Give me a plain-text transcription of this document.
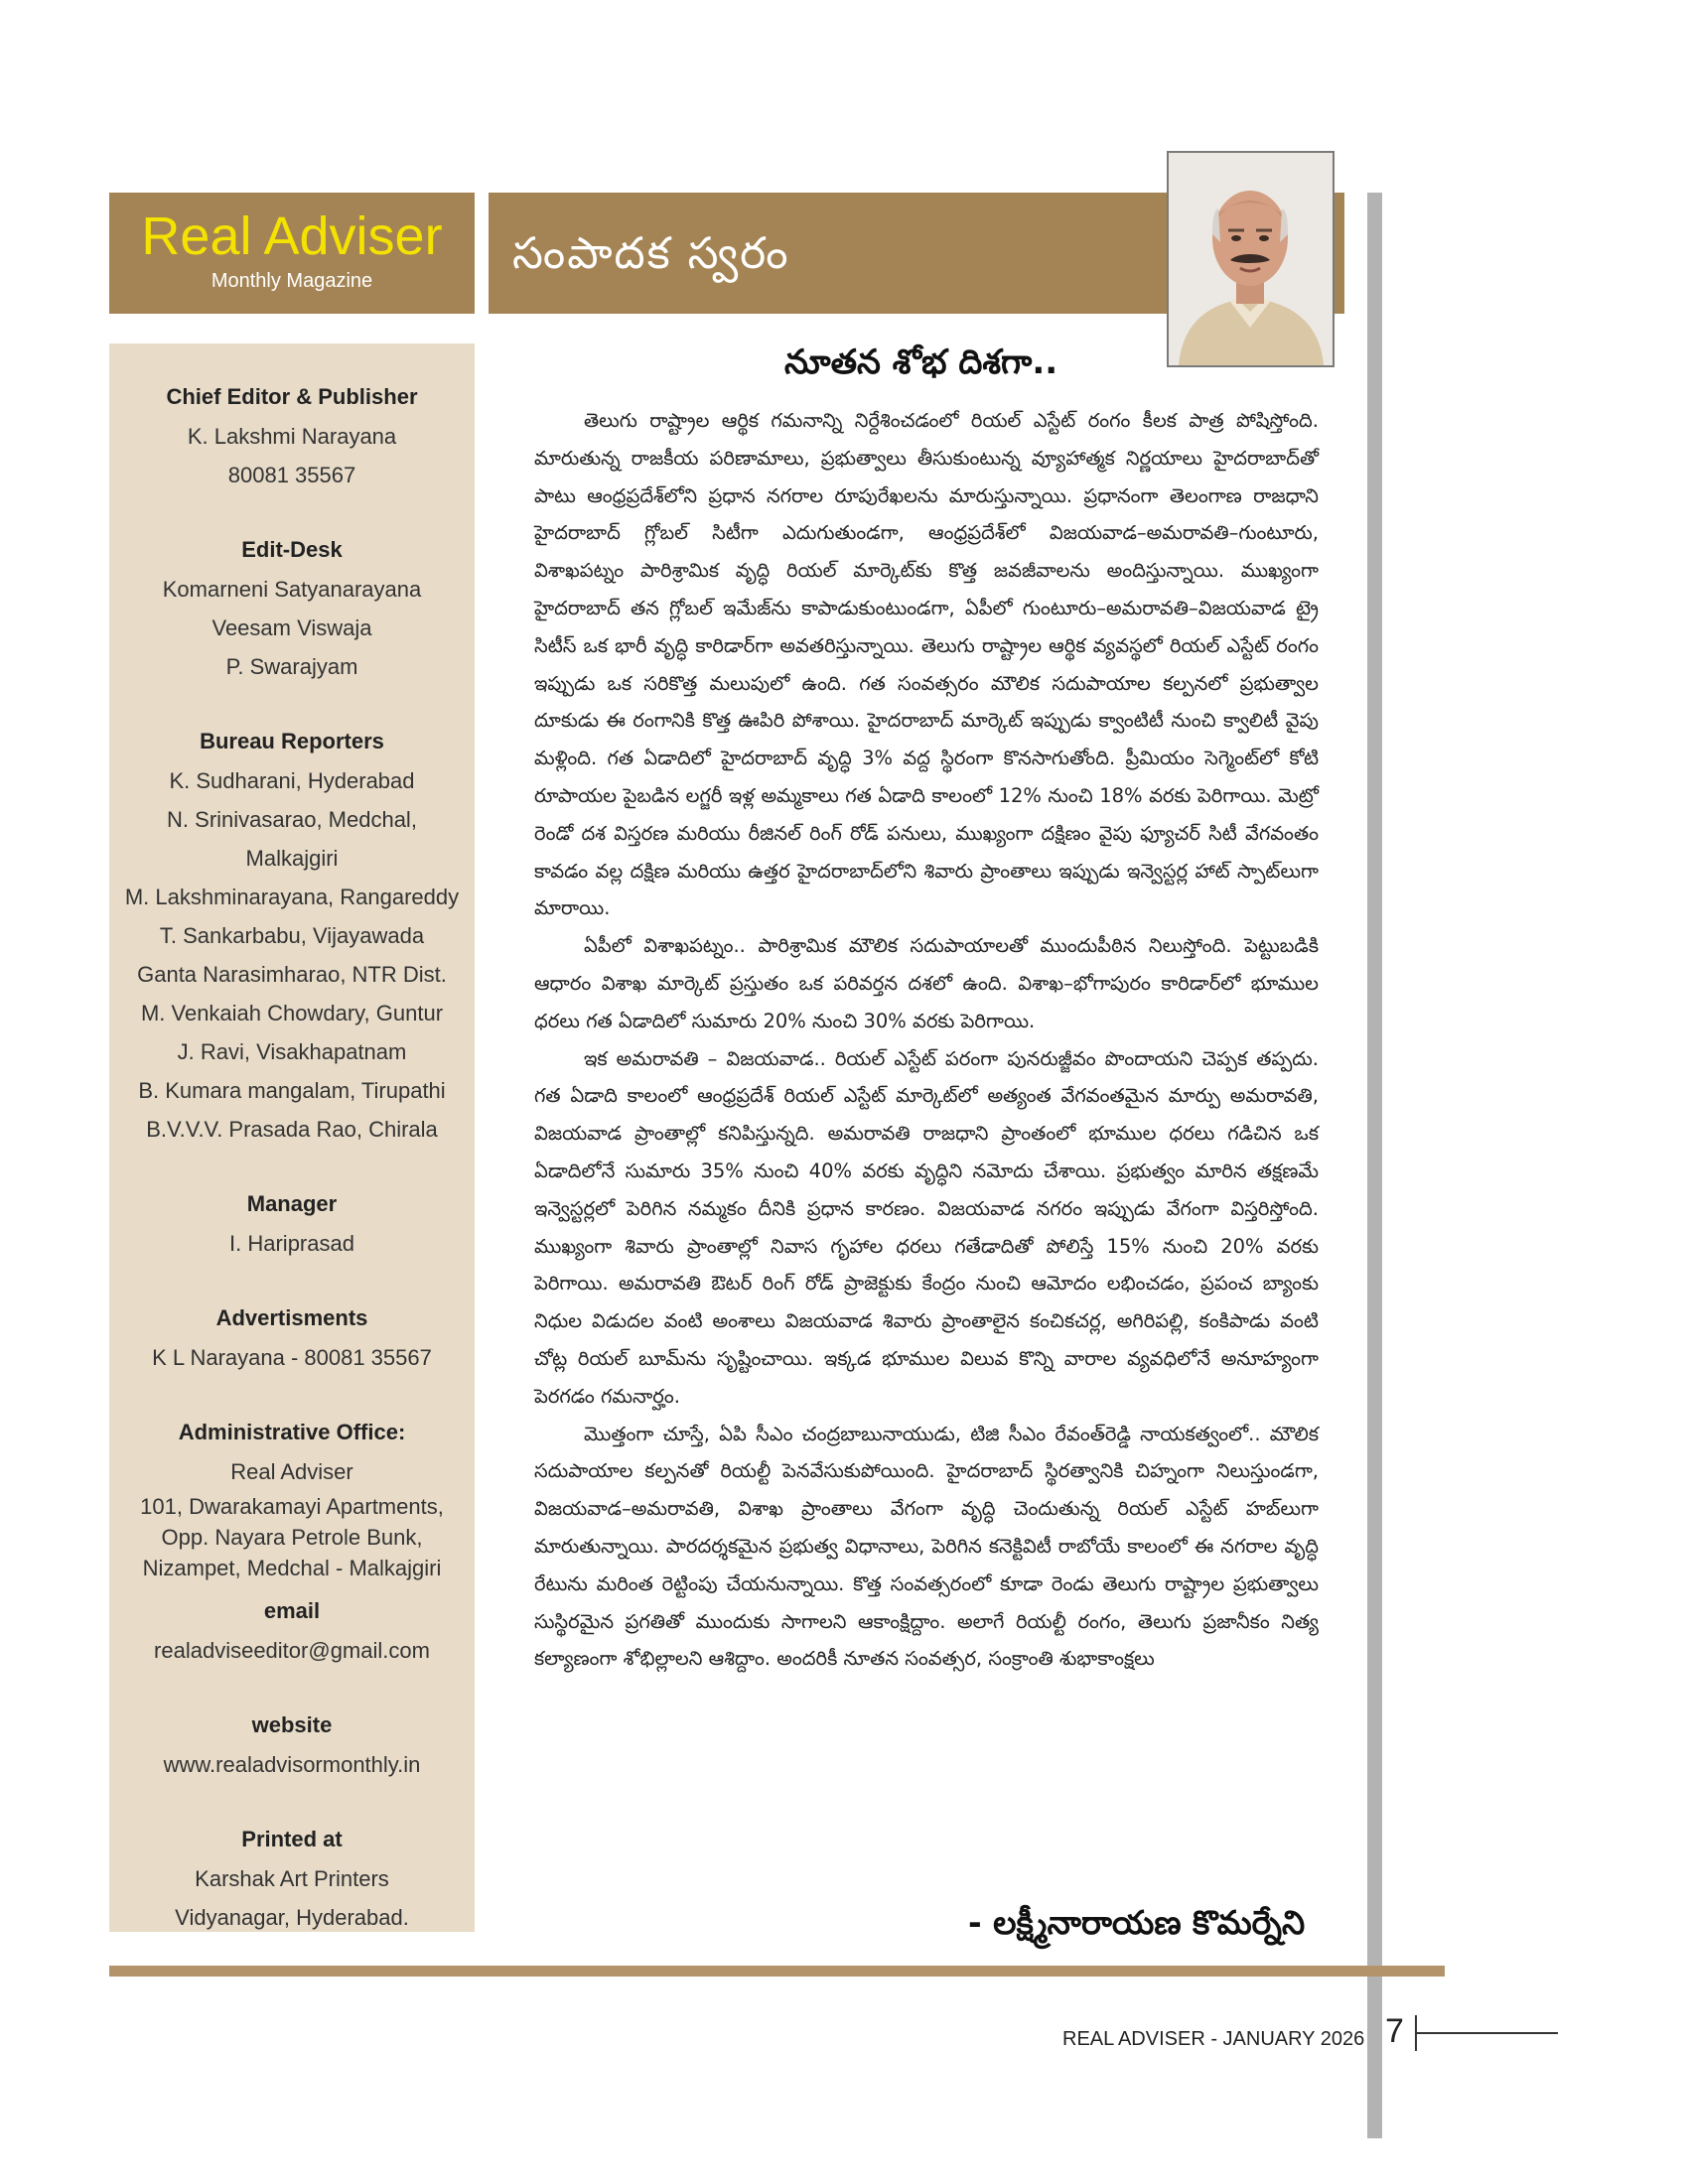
Real Adviser
Monthly Magazine
సంపాదక స్వరం
Chief Editor & Publisher
K. Lakshmi Narayana
80081 35567
Edit-Desk
Komarneni Satyanarayana
Veesam Viswaja
P. Swarajyam
Bureau Reporters
K. Sudharani, Hyderabad
N. Srinivasarao, Medchal,
Malkajgiri
M. Lakshminarayana, Rangareddy
T. Sankarbabu, Vijayawada
Ganta Narasimharao, NTR Dist.
M. Venkaiah Chowdary, Guntur
J. Ravi, Visakhapatnam
B. Kumara mangalam, Tirupathi
B.V.V.V. Prasada Rao, Chirala
Manager
I. Hariprasad
Advertisments
K L Narayana - 80081 35567
Administrative Office:
Real Adviser
101, Dwarakamayi Apartments,
Opp. Nayara Petrole Bunk,
Nizampet, Medchal - Malkajgiri
email
realadviseeditor@gmail.com
website
www.realadvisormonthly.in
Printed at
Karshak Art Printers
Vidyanagar, Hyderabad.
నూతన శోభ దిశగా..

తెలుగు రాష్ట్రాల ఆర్థిక గమనాన్ని నిర్దేశించడంలో రియల్ ఎస్టేట్ రంగం కీలక పాత్ర పోషిస్తోంది. మారుతున్న రాజకీయ పరిణామాలు, ప్రభుత్వాలు తీసుకుంటున్న వ్యూహాత్మక నిర్ణయాలు హైదరాబాద్‌తో పాటు ఆంధ్రప్రదేశ్‌లోని ప్రధాన నగరాల రూపురేఖలను మారుస్తున్నాయి. ప్రధానంగా తెలంగాణ రాజధాని హైదరాబాద్ గ్లోబల్ సిటీగా ఎదుగుతుండగా, ఆంధ్రప్రదేశ్‌లో విజయవాడ–అమరావతి–గుంటూరు, విశాఖపట్నం పారిశ్రామిక వృద్ధి రియల్ మార్కెట్‌కు కొత్త జవజీవాలను అందిస్తున్నాయి. ముఖ్యంగా హైదరాబాద్ తన గ్లోబల్ ఇమేజ్‌ను కాపాడుకుంటుండగా, ఏపీలో గుంటూరు–అమరావతి–విజయవాడ ట్రై సిటీస్ ఒక భారీ వృద్ధి కారిడార్‌గా అవతరిస్తున్నాయి. తెలుగు రాష్ట్రాల ఆర్థిక వ్యవస్థలో రియల్ ఎస్టేట్ రంగం ఇప్పుడు ఒక సరికొత్త మలుపులో ఉంది. గత సంవత్సరం మౌలిక సదుపాయాల కల్పనలో ప్రభుత్వాల దూకుడు ఈ రంగానికి కొత్త ఊపిరి పోశాయి. హైదరాబాద్ మార్కెట్ ఇప్పుడు క్వాంటిటీ నుంచి క్వాలిటీ వైపు మళ్లింది. గత ఏడాదిలో హైదరాబాద్ వృద్ధి 3% వద్ద స్థిరంగా కొనసాగుతోంది. ప్రీమియం సెగ్మెంట్‌లో కోటి రూపాయల పైబడిన లగ్జరీ ఇళ్ల అమ్మకాలు గత ఏడాది కాలంలో 12% నుంచి 18% వరకు పెరిగాయి. మెట్రో రెండో దశ విస్తరణ మరియు రీజినల్ రింగ్ రోడ్ పనులు, ముఖ్యంగా దక్షిణం వైపు ఫ్యూచర్ సిటీ వేగవంతం కావడం వల్ల దక్షిణ మరియు ఉత్తర హైదరాబాద్‌లోని శివారు ప్రాంతాలు ఇప్పుడు ఇన్వెస్టర్ల హాట్ స్పాట్‌లుగా మారాయి.

ఏపీలో విశాఖపట్నం.. పారిశ్రామిక మౌలిక సదుపాయాలతో ముందుపీఠిన నిలుస్తోంది. పెట్టుబడికి ఆధారం విశాఖ మార్కెట్ ప్రస్తుతం ఒక పరివర్తన దశలో ఉంది. విశాఖ–భోగాపురం కారిడార్‌లో భూముల ధరలు గత ఏడాదిలో సుమారు 20% నుంచి 30% వరకు పెరిగాయి.

ఇక అమరావతి – విజయవాడ.. రియల్ ఎస్టేట్ పరంగా పునరుజ్జీవం పొందాయని చెప్పక తప్పదు. గత ఏడాది కాలంలో ఆంధ్రప్రదేశ్ రియల్ ఎస్టేట్ మార్కెట్‌లో అత్యంత వేగవంతమైన మార్పు అమరావతి, విజయవాడ ప్రాంతాల్లో కనిపిస్తున్నది. అమరావతి రాజధాని ప్రాంతంలో భూముల ధరలు గడిచిన ఒక ఏడాదిలోనే సుమారు 35% నుంచి 40% వరకు వృద్ధిని నమోదు చేశాయి. ప్రభుత్వం మారిన తక్షణమే ఇన్వెస్టర్లలో పెరిగిన నమ్మకం దీనికి ప్రధాన కారణం. విజయవాడ నగరం ఇప్పుడు వేగంగా విస్తరిస్తోంది. ముఖ్యంగా శివారు ప్రాంతాల్లో నివాస గృహాల ధరలు గతేడాదితో పోలిస్తే 15% నుంచి 20% వరకు పెరిగాయి. అమరావతి ఔటర్ రింగ్ రోడ్ ప్రాజెక్టుకు కేంద్రం నుంచి ఆమోదం లభించడం, ప్రపంచ బ్యాంకు నిధుల విడుదల వంటి అంశాలు విజయవాడ శివారు ప్రాంతాలైన కంచికచర్ల, అగిరిపల్లి, కంకిపాడు వంటి చోట్ల రియల్ బూమ్‌ను సృష్టించాయి. ఇక్కడ భూముల విలువ కొన్ని వారాల వ్యవధిలోనే అనూహ్యంగా పెరగడం గమనార్హం.

మొత్తంగా చూస్తే, ఏపి సీఎం చంద్రబాబునాయుడు, టిజి సీఎం రేవంత్‌రెడ్డి నాయకత్వంలో.. మౌలిక సదుపాయాల కల్పనతో రియల్టీ పెనవేసుకుపోయింది. హైదరాబాద్ స్థిరత్వానికి చిహ్నంగా నిలుస్తుండగా, విజయవాడ–అమరావతి, విశాఖ ప్రాంతాలు వేగంగా వృద్ధి చెందుతున్న రియల్ ఎస్టేట్ హబ్‌లుగా మారుతున్నాయి. పారదర్శకమైన ప్రభుత్వ విధానాలు, పెరిగిన కనెక్టివిటీ రాబోయే కాలంలో ఈ నగరాల వృద్ధి రేటును మరింత రెట్టింపు చేయనున్నాయి. కొత్త సంవత్సరంలో కూడా రెండు తెలుగు రాష్ట్రాల ప్రభుత్వాలు సుస్థిరమైన ప్రగతితో ముందుకు సాగాలని ఆకాంక్షిద్దాం. అలాగే రియల్టీ రంగం, తెలుగు ప్రజానీకం నిత్య కల్యాణంగా శోభిల్లాలని ఆశిద్దాం. అందరికీ నూతన సంవత్సర, సంక్రాంతి శుభాకాంక్షలు

- లక్ష్మీనారాయణ కొమర్నేని
REAL ADVISER - JANUARY 2026 7
